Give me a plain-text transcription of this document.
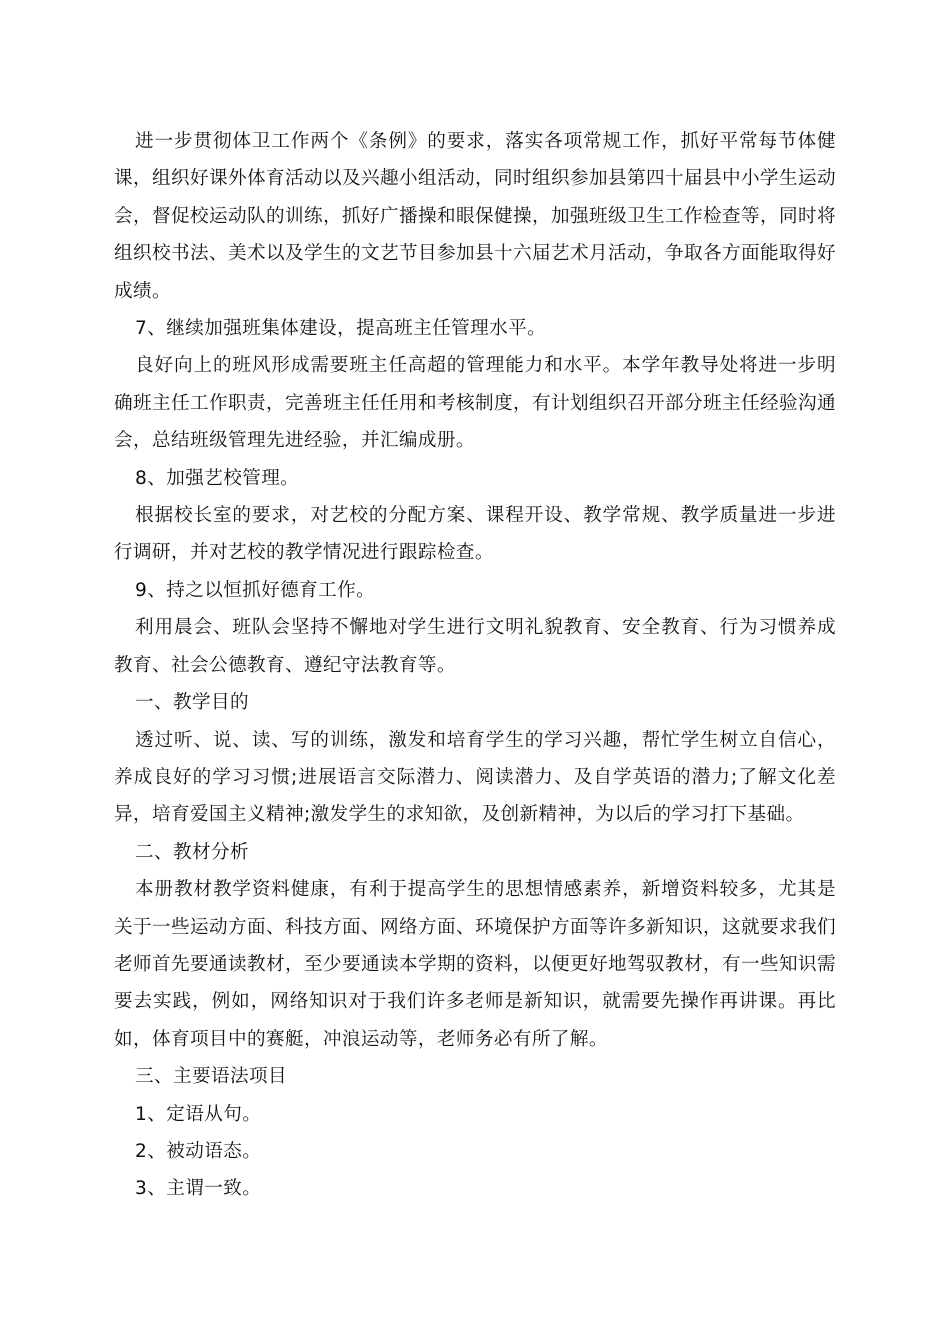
进一步贯彻体卫工作两个《条例》的要求，落实各项常规工作，抓好平常每节体健课，组织好课外体育活动以及兴趣小组活动，同时组织参加县第四十届县中小学生运动会，督促校运动队的训练，抓好广播操和眼保健操，加强班级卫生工作检查等，同时将组织校书法、美术以及学生的文艺节目参加县十六届艺术月活动，争取各方面能取得好成绩。

7、继续加强班集体建设，提高班主任管理水平。

良好向上的班风形成需要班主任高超的管理能力和水平。本学年教导处将进一步明确班主任工作职责，完善班主任任用和考核制度，有计划组织召开部分班主任经验沟通会，总结班级管理先进经验，并汇编成册。

8、加强艺校管理。

根据校长室的要求，对艺校的分配方案、课程开设、教学常规、教学质量进一步进行调研，并对艺校的教学情况进行跟踪检查。

9、持之以恒抓好德育工作。

利用晨会、班队会坚持不懈地对学生进行文明礼貌教育、安全教育、行为习惯养成教育、社会公德教育、遵纪守法教育等。

一、教学目的

透过听、说、读、写的训练，激发和培育学生的学习兴趣，帮忙学生树立自信心，养成良好的学习习惯;进展语言交际潜力、阅读潜力、及自学英语的潜力;了解文化差异，培育爱国主义精神;激发学生的求知欲，及创新精神，为以后的学习打下基础。

二、教材分析

本册教材教学资料健康，有利于提高学生的思想情感素养，新增资料较多，尤其是关于一些运动方面、科技方面、网络方面、环境保护方面等许多新知识，这就要求我们老师首先要通读教材，至少要通读本学期的资料，以便更好地驾驭教材，有一些知识需要去实践，例如，网络知识对于我们许多老师是新知识，就需要先操作再讲课。再比如，体育项目中的赛艇，冲浪运动等，老师务必有所了解。

三、主要语法项目

1、定语从句。

2、被动语态。

3、主谓一致。
